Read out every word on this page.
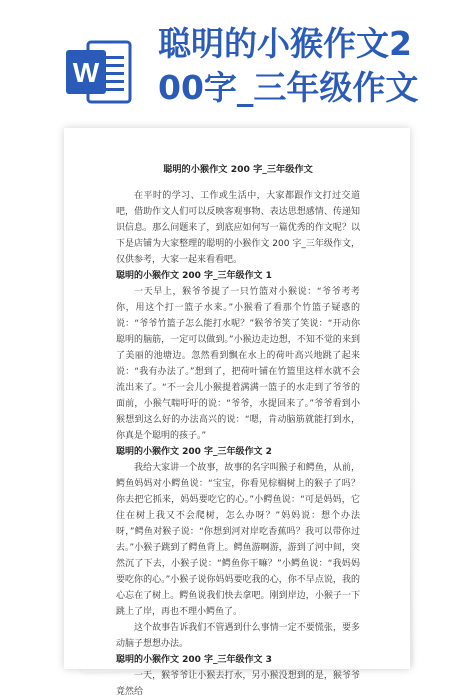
W
聪明的小猴作文2
00字_三年级作文
聪明的小猴作文 200 字_三年级作文

在平时的学习、工作或生活中，大家都跟作文打过交道吧，借助作文人们可以反映客观事物、表达思想感情、传递知识信息。那么问题来了，到底应如何写一篇优秀的作文呢？以下是店铺为大家整理的聪明的小猴作文 200 字_三年级作文，仅供参考，大家一起来看看吧。

聪明的小猴作文 200 字_三年级作文 1

一天早上，猴爷爷提了一只竹篮对小猴说：“爷爷考考你，用这个打一篮子水来。”小猴看了看那个竹篮子疑惑的说：“爷爷竹篮子怎么能打水呢？”猴爷爷笑了笑说：“开动你聪明的脑筋，一定可以做到。”小猴边走边想，不知不觉的来到了美丽的池塘边。忽然看到飘在水上的荷叶高兴地跳了起来说：“我有办法了。”想到了，把荷叶铺在竹篮里这样水就不会流出来了。“不一会儿小猴提着满满一篮子的水走到了爷爷的面前，小猴气喘吁吁的说：“爷爷，水提回来了。”爷爷看到小猴想到这么好的办法高兴的说：“嗯，肯动脑筋就能打到水，你真是个聪明的孩子。”

聪明的小猴作文 200 字_三年级作文 2

我给大家讲一个故事，故事的名字叫猴子和鳄鱼，从前，鳄鱼妈妈对小鳄鱼说：“宝宝，你看见棕榈树上的猴子了吗？你去把它抓来，妈妈要吃它的心。”小鳄鱼说：“可是妈妈，它住在树上我又不会爬树，怎么办呀？”妈妈说：想个办法呀，”鳄鱼对猴子说：“你想到河对岸吃香蕉吗？我可以带你过去。”小猴子跳到了鳄鱼背上。鳄鱼游啊游，游到了河中间，突然沉了下去，小猴子说：“鳄鱼你干嘛？”小鳄鱼说：“我妈妈要吃你的心。”小猴子说你妈妈要吃我的心，你不早点说，我的心忘在了树上。鳄鱼说我们快去拿吧。刚到岸边，小猴子一下跳上了岸，再也不理小鳄鱼了。

这个故事告诉我们不管遇到什么事情一定不要慌张，要多动脑子想想办法。

聪明的小猴作文 200 字_三年级作文 3

一天，猴爷爷让小猴去打水，另小猴没想到的是，猴爷爷竟然给
